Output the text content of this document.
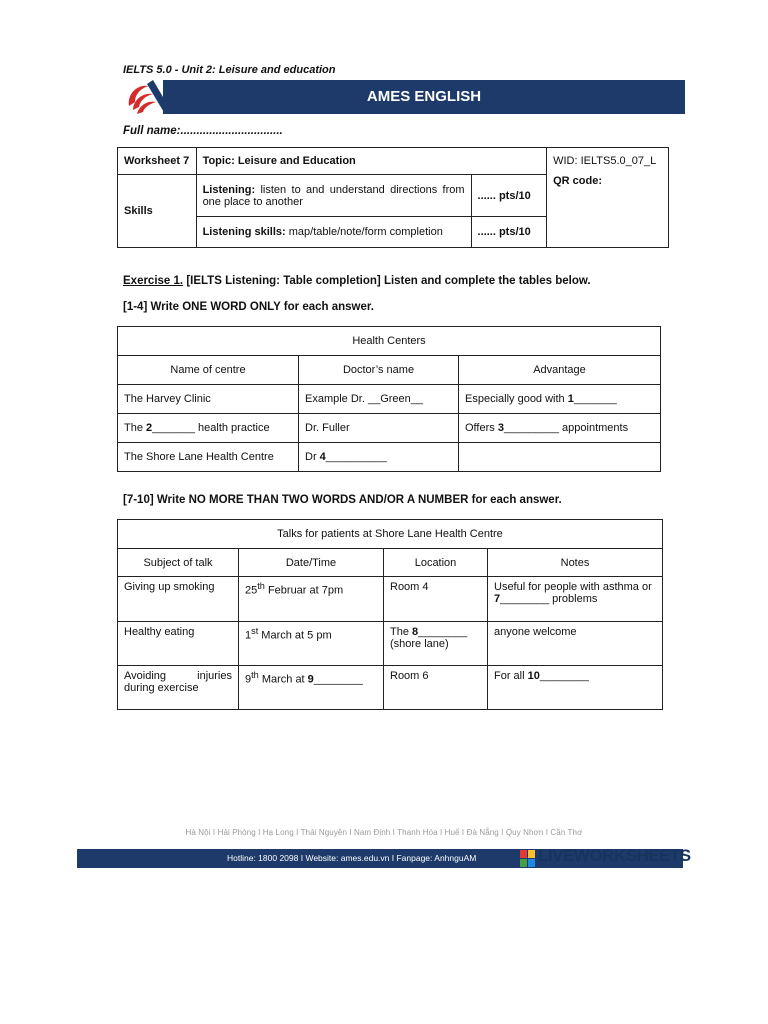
IELTS 5.0 - Unit 2: Leisure and education
AMES ENGLISH
Full name:................................
Worksheet 7	Topic: Leisure and Education		WID: IELTS5.0_07_L
QR code:

Skills	Listening: listen to and understand directions from one place to another	...... pts/10	
	Listening skills: map/table/note/form completion	...... pts/10	
Exercise 1. [IELTS Listening: Table completion] Listen and complete the tables below.
[1-4] Write ONE WORD ONLY for each answer.
Health Centers		
Name of centre	Doctor’s name	Advantage
The Harvey Clinic	Example Dr. __Green__	Especially good with 1_______
The 2_______ health practice	Dr. Fuller	Offers 3_________ appointments
The Shore Lane Health Centre	Dr 4__________	
[7-10] Write NO MORE THAN TWO WORDS AND/OR A NUMBER for each answer.
Talks for patients at Shore Lane Health Centre			
Subject of talk	Date/Time	Location	Notes
Giving up smoking	25th Februar at 7pm	Room 4	Useful for people with asthma or 7________ problems
Healthy eating	1st March at 5 pm	The 8________ (shore lane)	anyone welcome
Avoiding injuries during exercise	9th March at 9________	Room 6	For all 10________
Hà Nội I Hải Phòng I Hạ Long I Thái Nguyên I Nam Định I Thanh Hóa I Huế I Đà Nẵng I Quy Nhơn I Cần Thơ
Hotline: 1800 2098 I Website: ames.edu.vn I Fanpage: AnhnguAM	LIVEWORKSHEETS
